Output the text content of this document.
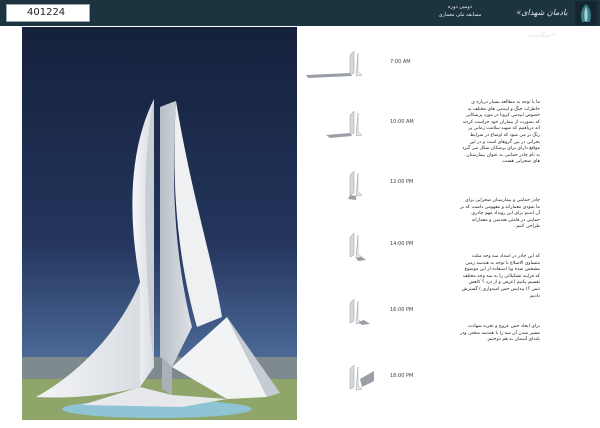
401224	دومین دوره
مسابقه ملی معماری	«یادمان شهدای سلامت»
7:00 AM
10:00 AM
12:00 PM
14:00 PM
16:00 PM
18:00 PM
ما با توجه به مطالعه بسیار درباره ی خاطرات جنگ و اپیدمی های مختلف به خصوص اپیدمی کرونا در مورد پزشکانی که بصورت از بیماران خود حراست کردند اند دریافتیم که شهید سلامت زمانی پر رنگ تر می شود که اوضاع در شرایط بحرانی در بین گروهای است و در این مواقع دارای برای پزشکان شکل می گیرد به نام چادر حمایتی به عنوان بیمارستان های صحرایی هست.
چادر حمایتی و بیمارستان صحرایی برای ما نمودی معمارانه و مفهومی داشت که بر آن اندیم برای این رویداد مهم چادری حمایتی در قامتی هندسی و معمارانه طراحی کنیم .
که این چادر در امتداد سه وجه مثلث متساوی الاضلاع با توجه به هندسه زمین مشخص شده وبا استفاده از این موضوع که فرایند تشکیلاتی را به سه وجه مختلف تقسیم بکنیم (عرفی و از درد ؟ کاهش تنش ؟) پیدایش حس امیدواری ) گسترش دادیم.
برای ایجاد حس عروج و تجربه شهادت مسیر شدن آن سه را با هندسه منحنی ودر بلندای آسمان به هم دوختیم.
